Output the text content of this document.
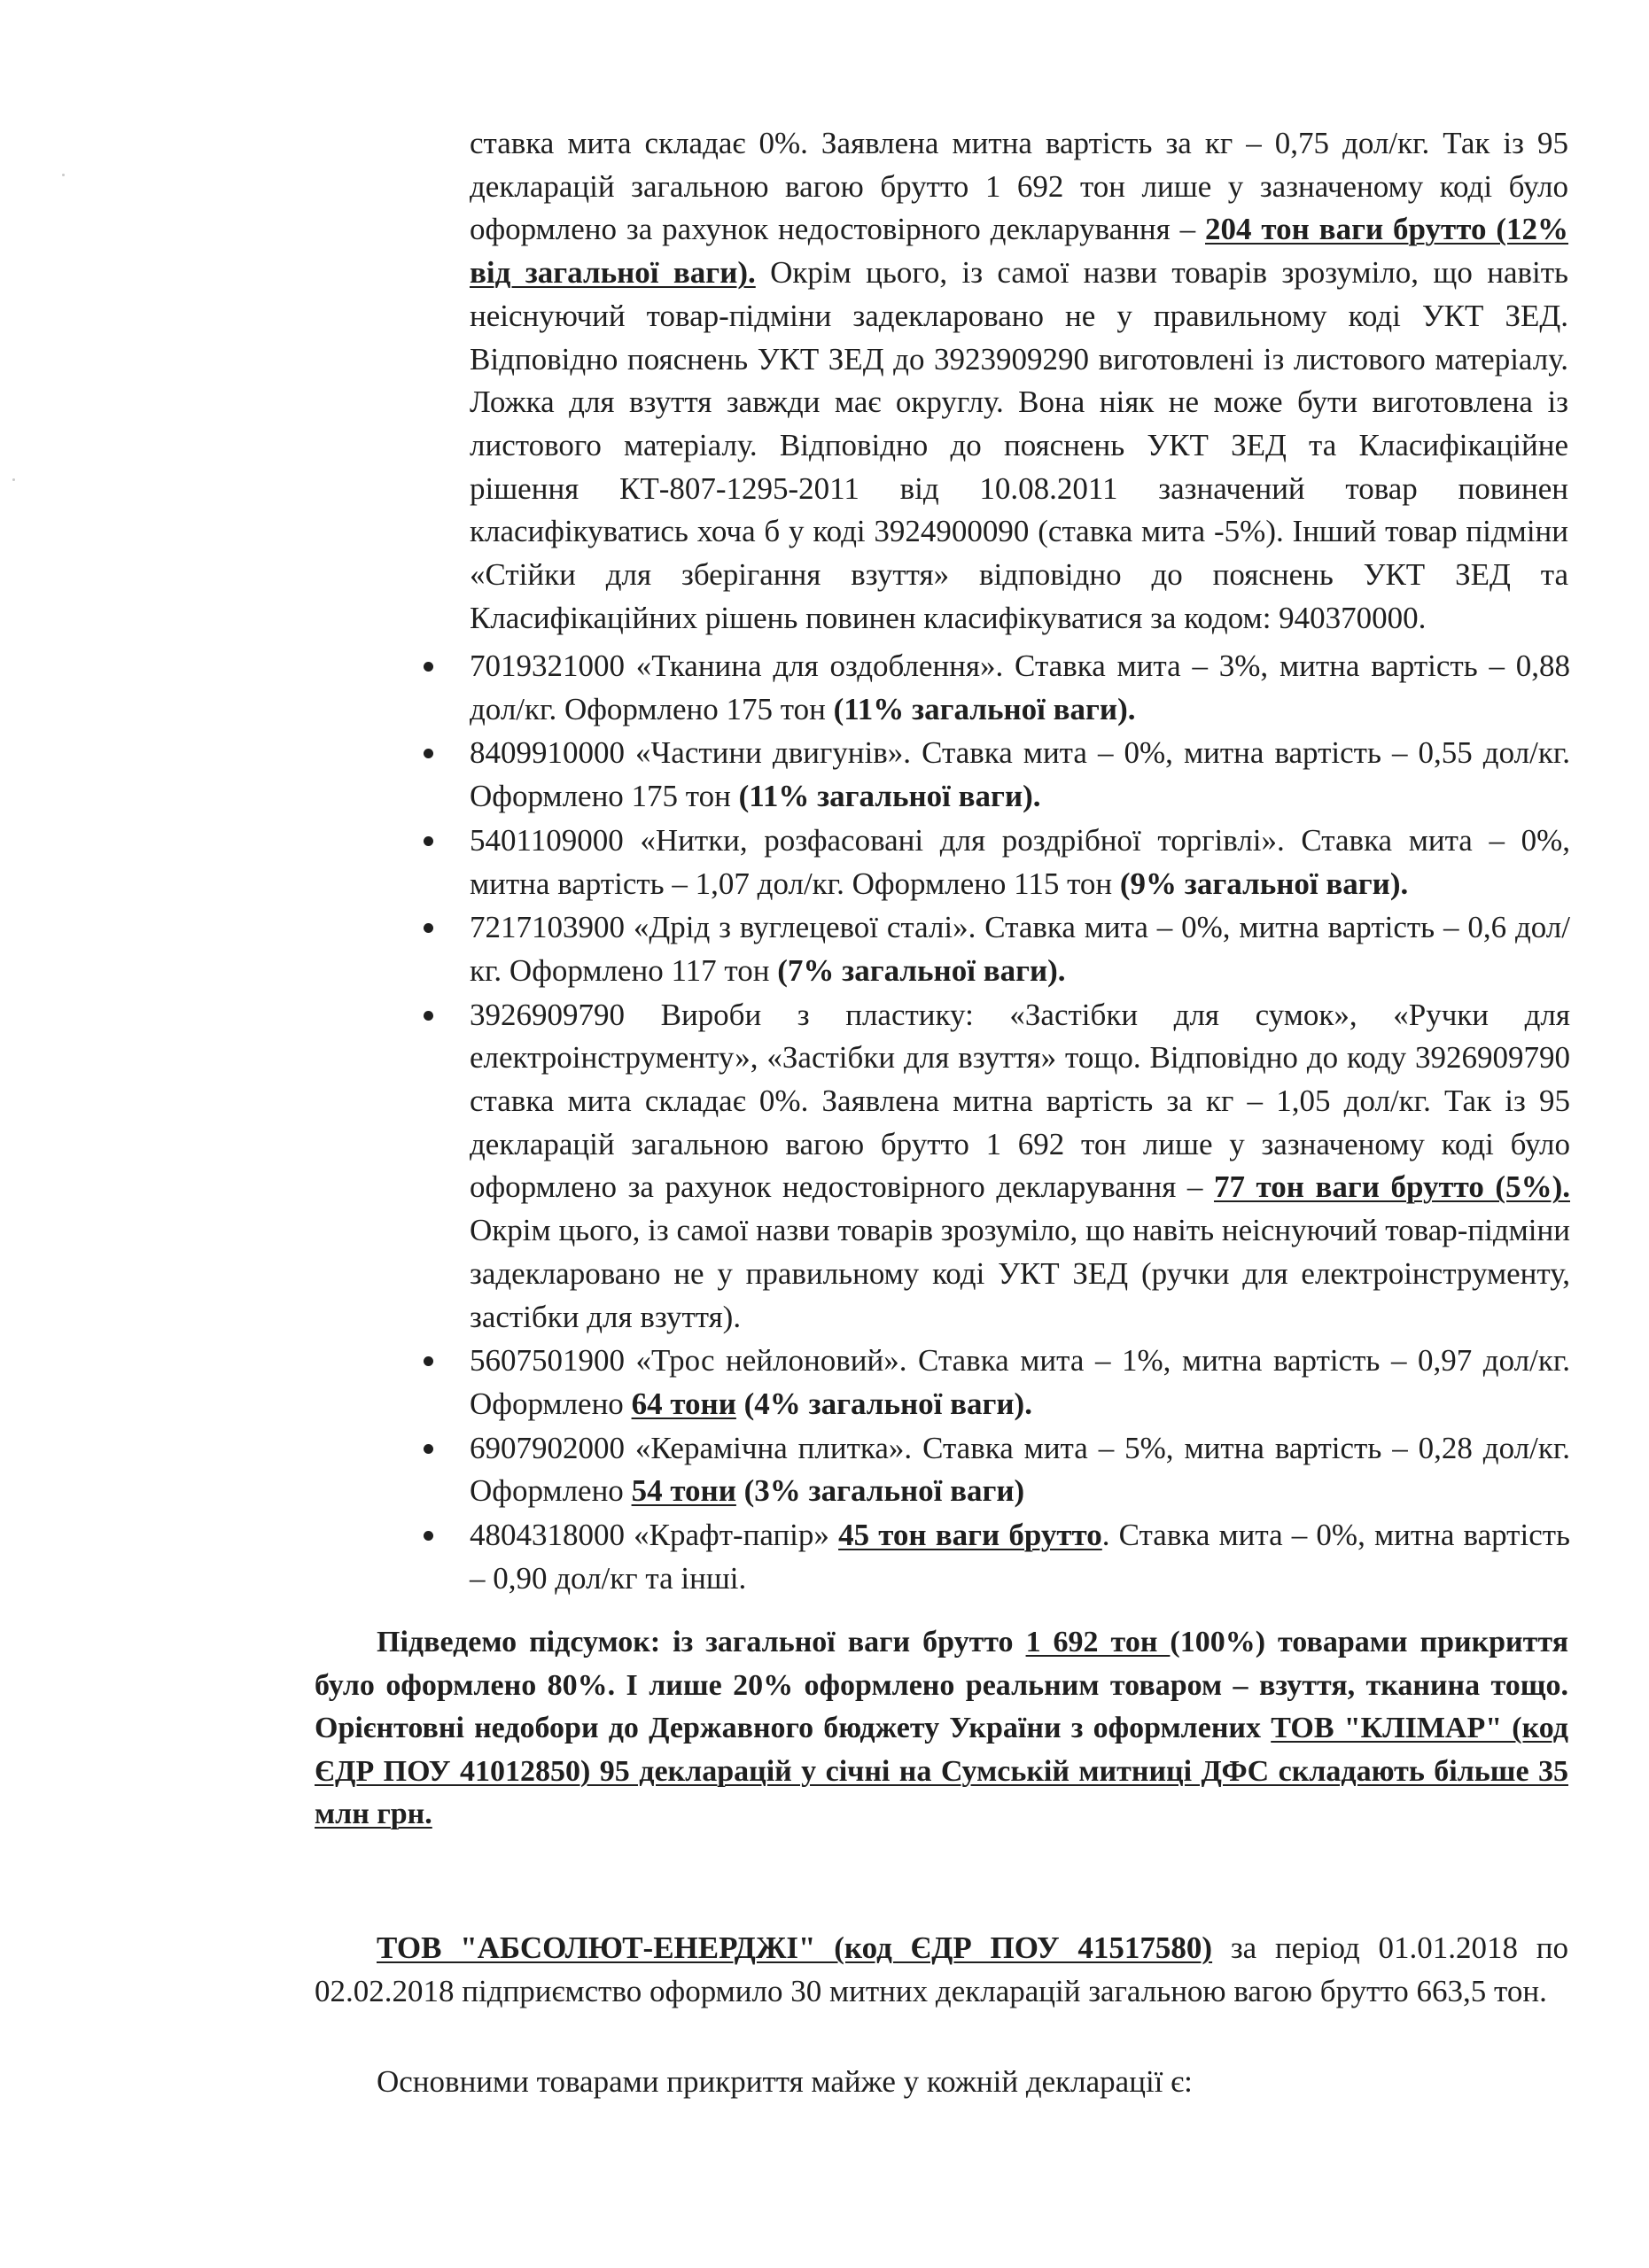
ставка мита складає 0%. Заявлена митна вартість за кг – 0,75 дол/кг. Так із 95 декларацій загальною вагою брутто 1 692 тон лише у зазначеному коді було оформлено за рахунок недостовірного декларування – 204 тон ваги брутто (12% від загальної ваги). Окрім цього, із самої назви товарів зрозуміло, що навіть неіснуючий товар-підміни задекларовано не у правильному коді УКТ ЗЕД. Відповідно пояснень УКТ ЗЕД до 3923909290 виготовлені із листового матеріалу. Ложка для взуття завжди має округлу. Вона ніяк не може бути виготовлена із листового матеріалу. Відповідно до пояснень УКТ ЗЕД та Класифікаційне рішення КТ-807-1295-2011 від 10.08.2011 зазначений товар повинен класифікуватись хоча б у коді 3924900090 (ставка мита -5%). Інший товар підміни «Стійки для зберігання взуття» відповідно до пояснень УКТ ЗЕД та Класифікаційних рішень повинен класифікуватися за кодом: 940370000.
7019321000 «Тканина для оздоблення». Ставка мита – 3%, митна вартість – 0,88 дол/кг. Оформлено 175 тон (11% загальної ваги).
8409910000 «Частини двигунів». Ставка мита – 0%, митна вартість – 0,55 дол/кг. Оформлено 175 тон (11% загальної ваги).
5401109000 «Нитки, розфасовані для роздрібної торгівлі». Ставка мита – 0%, митна вартість – 1,07 дол/кг. Оформлено 115 тон (9% загальної ваги).
7217103900 «Дрід з вуглецевої сталі». Ставка мита – 0%, митна вартість – 0,6 дол/кг. Оформлено 117 тон (7% загальної ваги).
3926909790 Вироби з пластику: «Застібки для сумок», «Ручки для електроінструменту», «Застібки для взуття» тощо. Відповідно до коду 3926909790 ставка мита складає 0%. Заявлена митна вартість за кг – 1,05 дол/кг. Так із 95 декларацій загальною вагою брутто 1 692 тон лише у зазначеному коді було оформлено за рахунок недостовірного декларування – 77 тон ваги брутто (5%). Окрім цього, із самої назви товарів зрозуміло, що навіть неіснуючий товар-підміни задекларовано не у правильному коді УКТ ЗЕД (ручки для електроінструменту, застібки для взуття).
5607501900 «Трос нейлоновий». Ставка мита – 1%, митна вартість – 0,97 дол/кг. Оформлено 64 тони (4% загальної ваги).
6907902000 «Керамічна плитка». Ставка мита – 5%, митна вартість – 0,28 дол/кг. Оформлено 54 тони (3% загальної ваги)
4804318000 «Крафт-папір» 45 тон ваги брутто. Ставка мита – 0%, митна вартість – 0,90 дол/кг та інші.
Підведемо підсумок: із загальної ваги брутто 1 692 тон (100%) товарами прикриття було оформлено 80%. І лише 20% оформлено реальним товаром – взуття, тканина тощо. Орієнтовні недобори до Державного бюджету України з оформлених ТОВ "КЛІМАР" (код ЄДР ПОУ 41012850) 95 декларацій у січні на Сумській митниці ДФС складають більше 35 млн грн.
ТОВ "АБСОЛЮТ-ЕНЕРДЖІ" (код ЄДР ПОУ 41517580) за період 01.01.2018 по 02.02.2018 підприємство оформило 30 митних декларацій загальною вагою брутто 663,5 тон.
Основними товарами прикриття майже у кожній декларації є:
